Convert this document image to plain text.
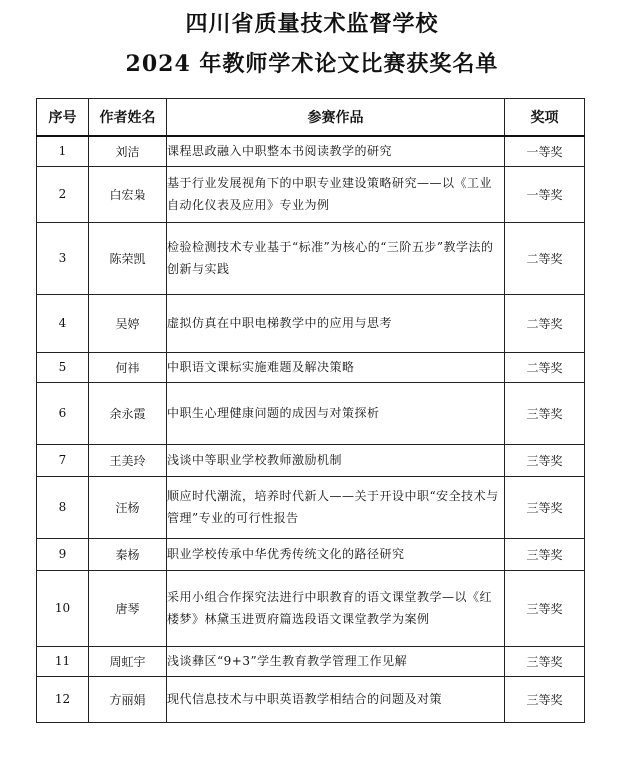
四川省质量技术监督学校
2024 年教师学术论文比赛获奖名单
序号	作者姓名	参赛作品	奖项
1	刘洁	课程思政融入中职整本书阅读教学的研究	一等奖
2	白宏枭	基于行业发展视角下的中职专业建设策略研究——以《工业自动化仪表及应用》专业为例	一等奖
3	陈荣凯	检验检测技术专业基于“标准”为核心的“三阶五步”教学法的创新与实践	二等奖
4	吴婷	虚拟仿真在中职电梯教学中的应用与思考	二等奖
5	何祎	中职语文课标实施难题及解决策略	二等奖
6	余永霞	中职生心理健康问题的成因与对策探析	三等奖
7	王美玲	浅谈中等职业学校教师激励机制	三等奖
8	汪杨	顺应时代潮流，培养时代新人——关于开设中职“安全技术与管理”专业的可行性报告	三等奖
9	秦杨	职业学校传承中华优秀传统文化的路径研究	三等奖
10	唐琴	采用小组合作探究法进行中职教育的语文课堂教学—以《红楼梦》林黛玉进贾府篇选段语文课堂教学为案例	三等奖
11	周虹宇	浅谈彝区“9+3”学生教育教学管理工作见解	三等奖
12	方丽娟	现代信息技术与中职英语教学相结合的问题及对策	三等奖
